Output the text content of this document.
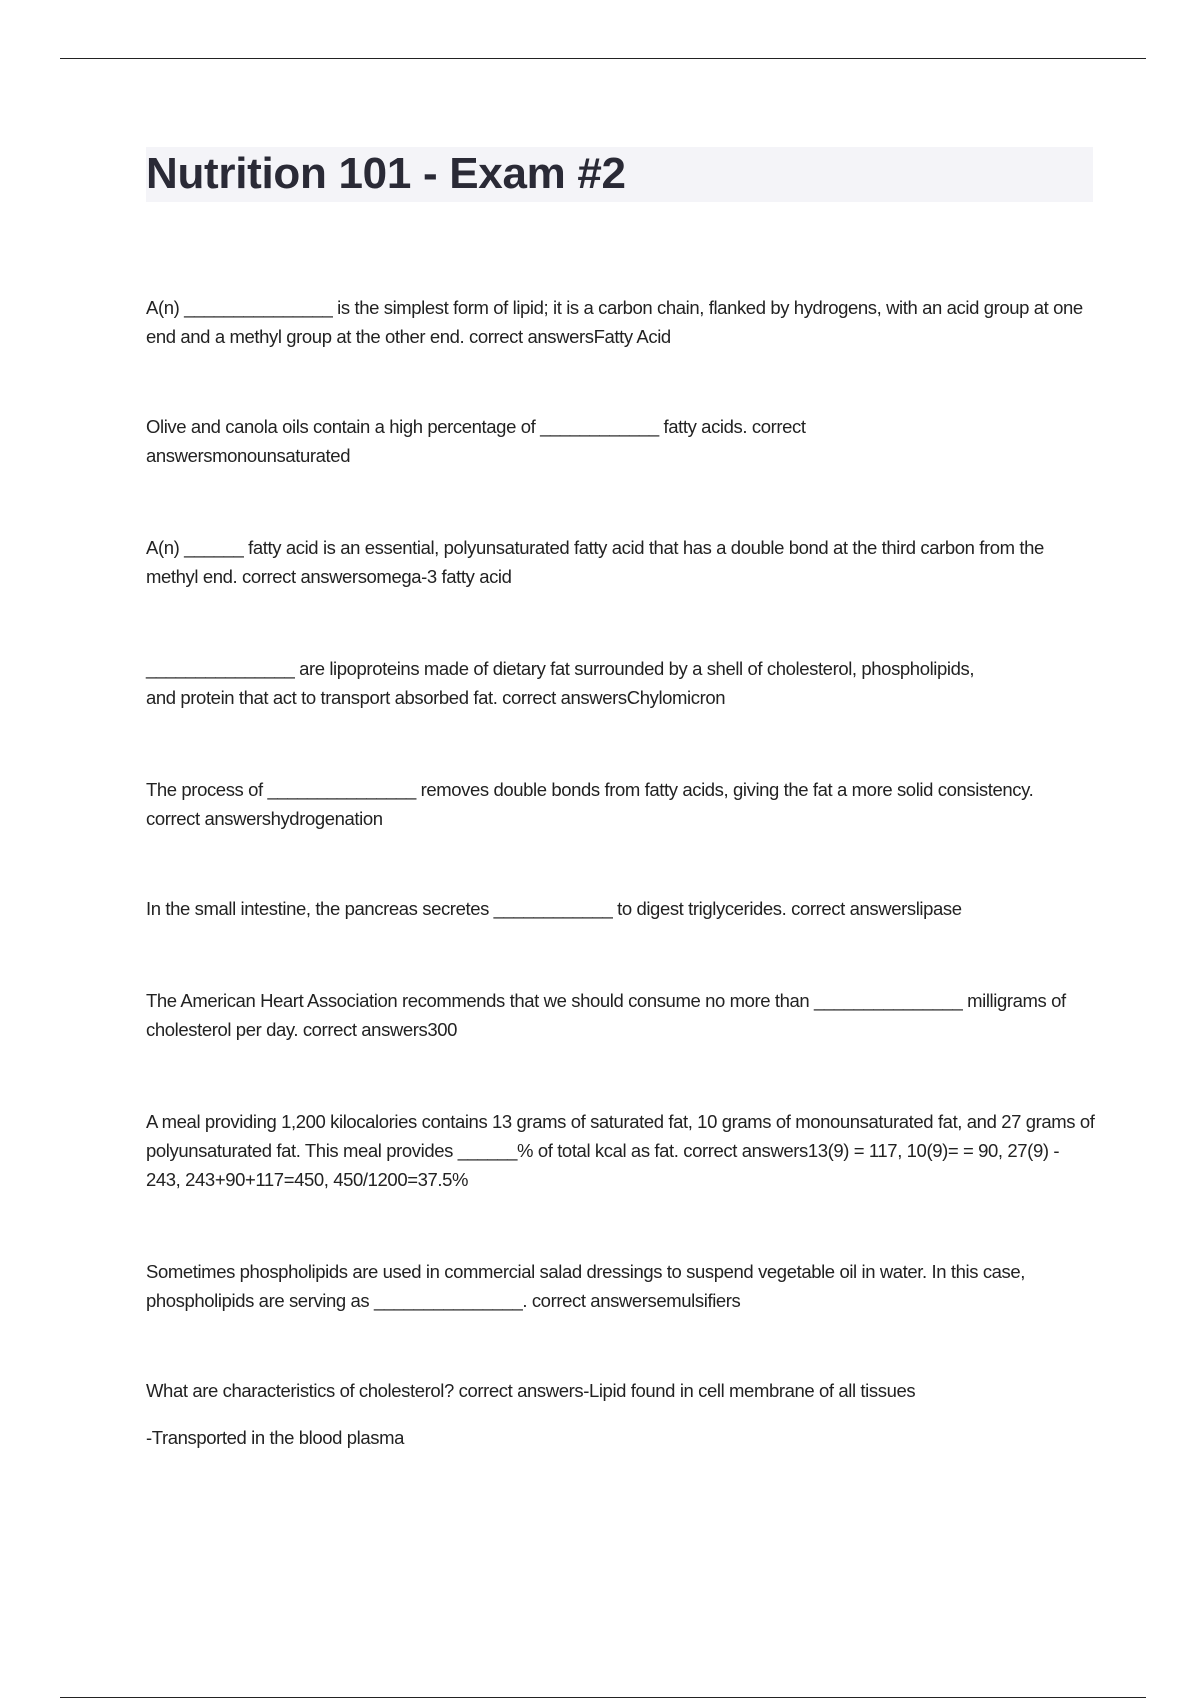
Nutrition 101 - Exam #2

A(n) _______________ is the simplest form of lipid; it is a carbon chain, flanked by hydrogens, with an acid group at one end and a methyl group at the other end. correct answersFatty Acid

Olive and canola oils contain a high percentage of ____________ fatty acids. correct answersmonounsaturated

A(n) ______ fatty acid is an essential, polyunsaturated fatty acid that has a double bond at the third carbon from the methyl end. correct answersomega-3 fatty acid

_______________ are lipoproteins made of dietary fat surrounded by a shell of cholesterol, phospholipids, and protein that act to transport absorbed fat. correct answersChylomicron

The process of _______________ removes double bonds from fatty acids, giving the fat a more solid consistency. correct answershydrogenation

In the small intestine, the pancreas secretes ____________ to digest triglycerides. correct answerslipase

The American Heart Association recommends that we should consume no more than _______________ milligrams of cholesterol per day. correct answers300

A meal providing 1,200 kilocalories contains 13 grams of saturated fat, 10 grams of monounsaturated fat, and 27 grams of polyunsaturated fat. This meal provides ______% of total kcal as fat. correct answers13(9) = 117, 10(9)= = 90, 27(9) - 243, 243+90+117=450, 450/1200=37.5%

Sometimes phospholipids are used in commercial salad dressings to suspend vegetable oil in water. In this case, phospholipids are serving as _______________. correct answersemulsifiers

What are characteristics of cholesterol? correct answers-Lipid found in cell membrane of all tissues

-Transported in the blood plasma
